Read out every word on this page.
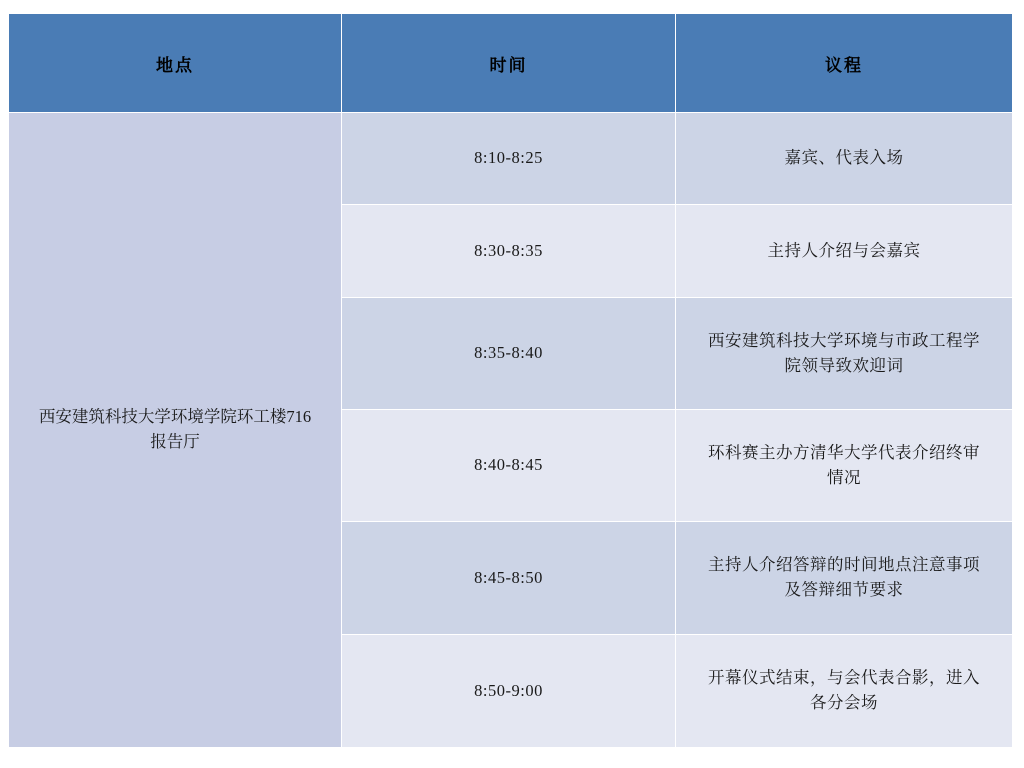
地点	时间	议程
西安建筑科技大学环境学院环工楼716报告厅	8:10-8:25	嘉宾、代表入场
	8:30-8:35	主持人介绍与会嘉宾
	8:35-8:40	西安建筑科技大学环境与市政工程学院领导致欢迎词
	8:40-8:45	环科赛主办方清华大学代表介绍终审情况
	8:45-8:50	主持人介绍答辩的时间地点注意事项及答辩细节要求
	8:50-9:00	开幕仪式结束，与会代表合影，进入各分会场
